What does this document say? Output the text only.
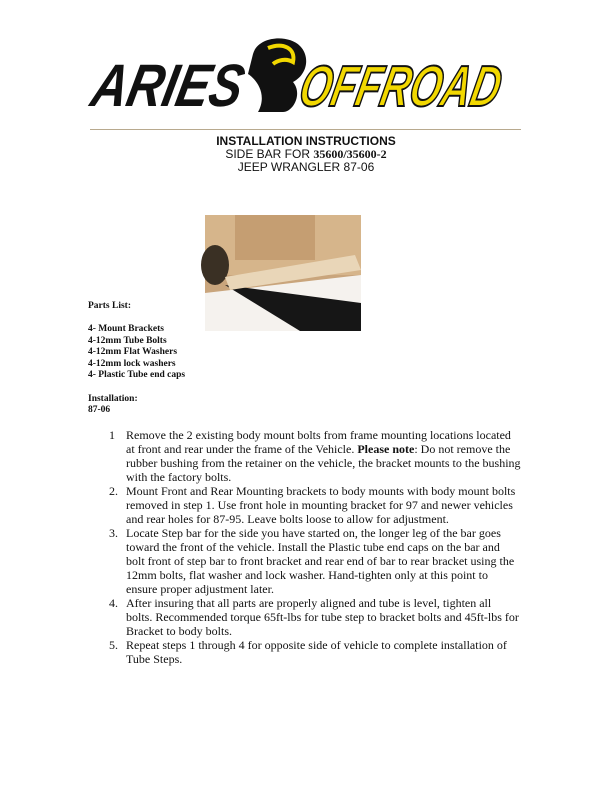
ARIES OFFROAD
INSTALLATION INSTRUCTIONS
SIDE BAR FOR 35600/35600-2
JEEP WRANGLER 87-06
Parts List:
4- Mount Brackets
4-12mm Tube Bolts
4-12mm Flat Washers
4-12mm lock washers
4- Plastic Tube end caps
Installation:
87-06
1 Remove the 2 existing body mount bolts from frame mounting locations located
at front and rear under the frame of the Vehicle. Please note: Do not remove the
rubber bushing from the retainer on the vehicle, the bracket mounts to the bushing
with the factory bolts.
2. Mount Front and Rear Mounting brackets to body mounts with body mount bolts
removed in step 1. Use front hole in mounting bracket for 97 and newer vehicles
and rear holes for 87-95. Leave bolts loose to allow for adjustment.
3. Locate Step bar for the side you have started on, the longer leg of the bar goes
toward the front of the vehicle. Install the Plastic tube end caps on the bar and
bolt front of step bar to front bracket and rear end of bar to rear bracket using the
12mm bolts, flat washer and lock washer. Hand-tighten only at this point to
ensure proper adjustment later.
4. After insuring that all parts are properly aligned and tube is level, tighten all
bolts. Recommended torque 65ft-lbs for tube step to bracket bolts and 45ft-lbs for
Bracket to body bolts.
5. Repeat steps 1 through 4 for opposite side of vehicle to complete installation of
Tube Steps.
